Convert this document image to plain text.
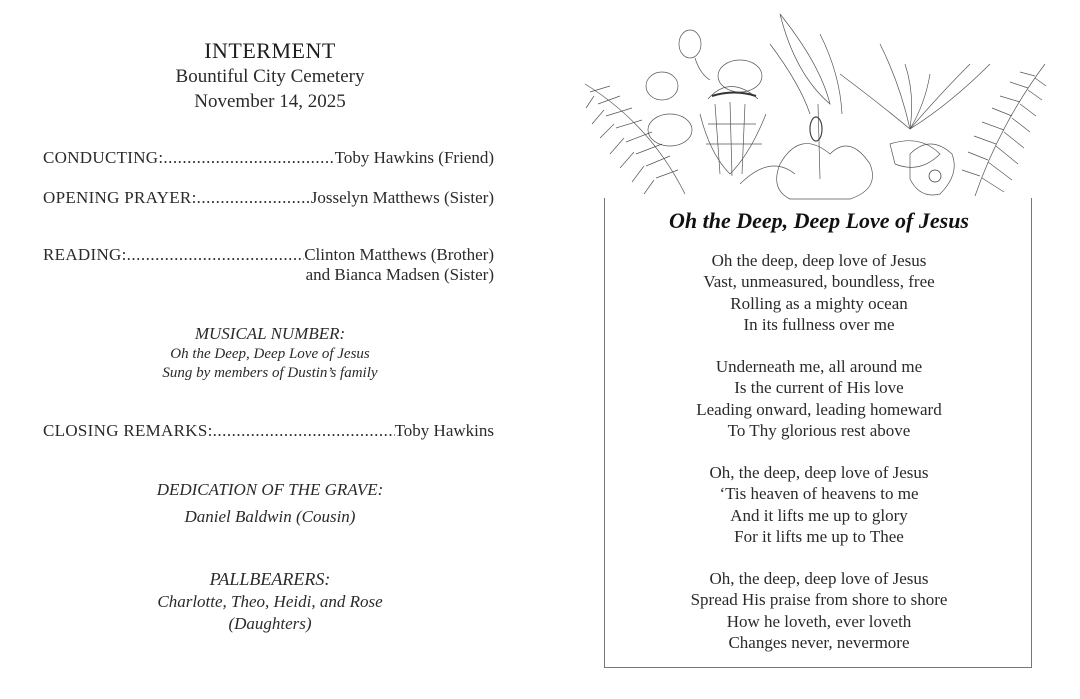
INTERMENT
Bountiful City Cemetery
November 14, 2025
CONDUCTING: .....	Toby Hawkins (Friend)
OPENING PRAYER: .....	Josselyn Matthews (Sister)
READING: .....	Clinton Matthews (Brother)
and Bianca Madsen (Sister)
MUSICAL NUMBER:
Oh the Deep, Deep Love of Jesus
Sung by members of Dustin’s family
CLOSING REMARKS: .....	Toby Hawkins
DEDICATION OF THE GRAVE:
Daniel Baldwin (Cousin)
PALLBEARERS:
Charlotte, Theo, Heidi, and Rose
(Daughters)
Oh the Deep, Deep Love of Jesus
Oh the deep, deep love of Jesus
Vast, unmeasured, boundless, free
Rolling as a mighty ocean
In its fullness over me
Underneath me, all around me
Is the current of His love
Leading onward, leading homeward
To Thy glorious rest above
Oh, the deep, deep love of Jesus
‘Tis heaven of heavens to me
And it lifts me up to glory
For it lifts me up to Thee
Oh, the deep, deep love of Jesus
Spread His praise from shore to shore
How he loveth, ever loveth
Changes never, nevermore
